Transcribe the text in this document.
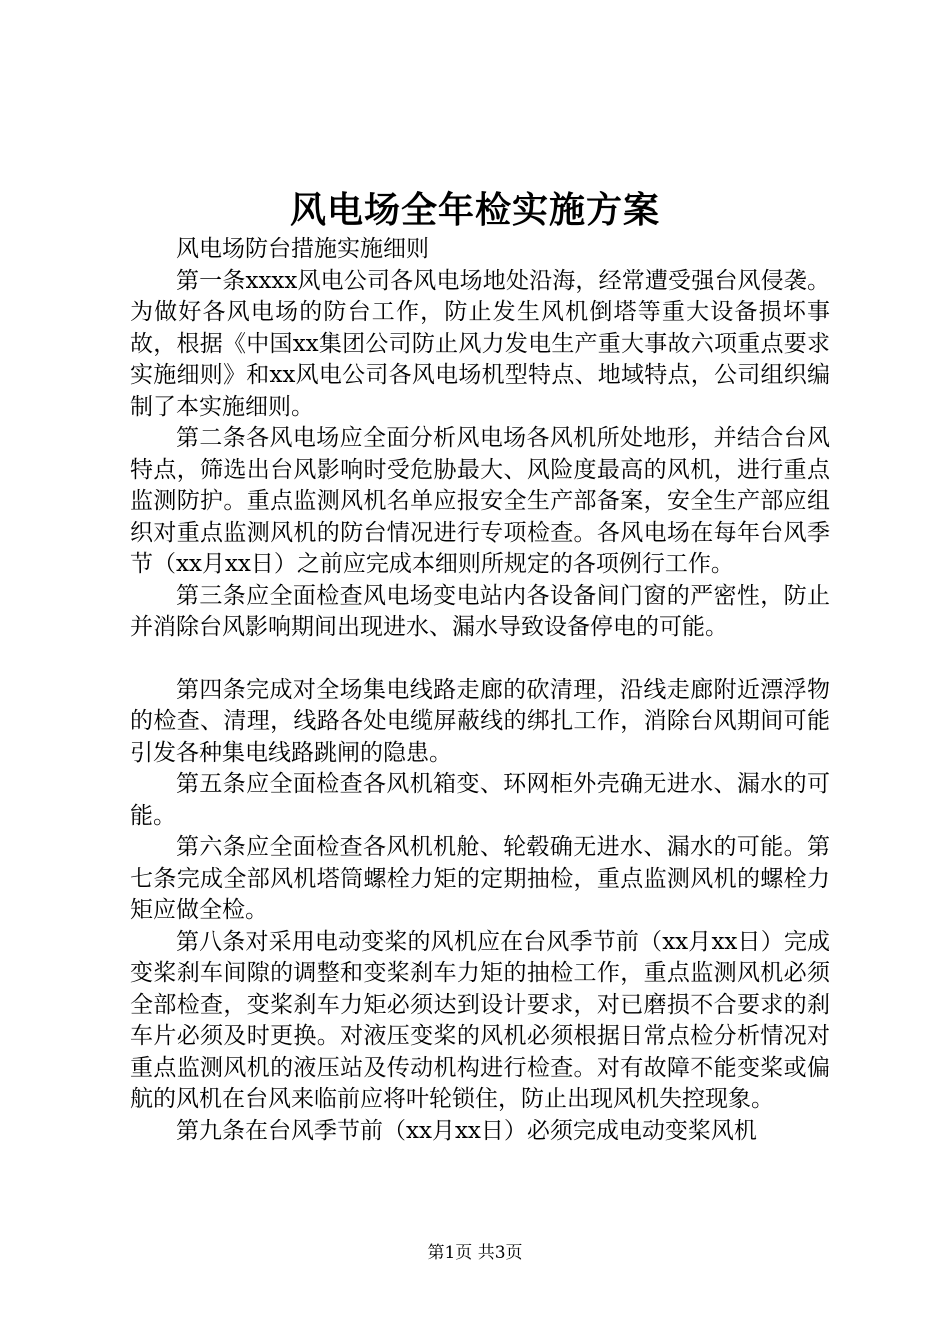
风电场全年检实施方案

风电场防台措施实施细则

第一条xxxx风电公司各风电场地处沿海，经常遭受强台风侵袭。为做好各风电场的防台工作，防止发生风机倒塔等重大设备损坏事故，根据《中国xx集团公司防止风力发电生产重大事故六项重点要求实施细则》和xx风电公司各风电场机型特点、地域特点，公司组织编制了本实施细则。

第二条各风电场应全面分析风电场各风机所处地形，并结合台风特点，筛选出台风影响时受危胁最大、风险度最高的风机，进行重点监测防护。重点监测风机名单应报安全生产部备案，安全生产部应组织对重点监测风机的防台情况进行专项检查。各风电场在每年台风季节（xx月xx日）之前应完成本细则所规定的各项例行工作。

第三条应全面检查风电场变电站内各设备间门窗的严密性，防止并消除台风影响期间出现进水、漏水导致设备停电的可能。

第四条完成对全场集电线路走廊的砍清理，沿线走廊附近漂浮物的检查、清理，线路各处电缆屏蔽线的绑扎工作，消除台风期间可能引发各种集电线路跳闸的隐患。

第五条应全面检查各风机箱变、环网柜外壳确无进水、漏水的可能。

第六条应全面检查各风机机舱、轮毂确无进水、漏水的可能。第七条完成全部风机塔筒螺栓力矩的定期抽检，重点监测风机的螺栓力矩应做全检。

第八条对采用电动变桨的风机应在台风季节前（xx月xx日）完成变桨刹车间隙的调整和变桨刹车力矩的抽检工作，重点监测风机必须全部检查，变桨刹车力矩必须达到设计要求，对已磨损不合要求的刹车片必须及时更换。对液压变桨的风机必须根据日常点检分析情况对重点监测风机的液压站及传动机构进行检查。对有故障不能变桨或偏航的风机在台风来临前应将叶轮锁住，防止出现风机失控现象。

第九条在台风季节前（xx月xx日）必须完成电动变桨风机

第1页 共3页
